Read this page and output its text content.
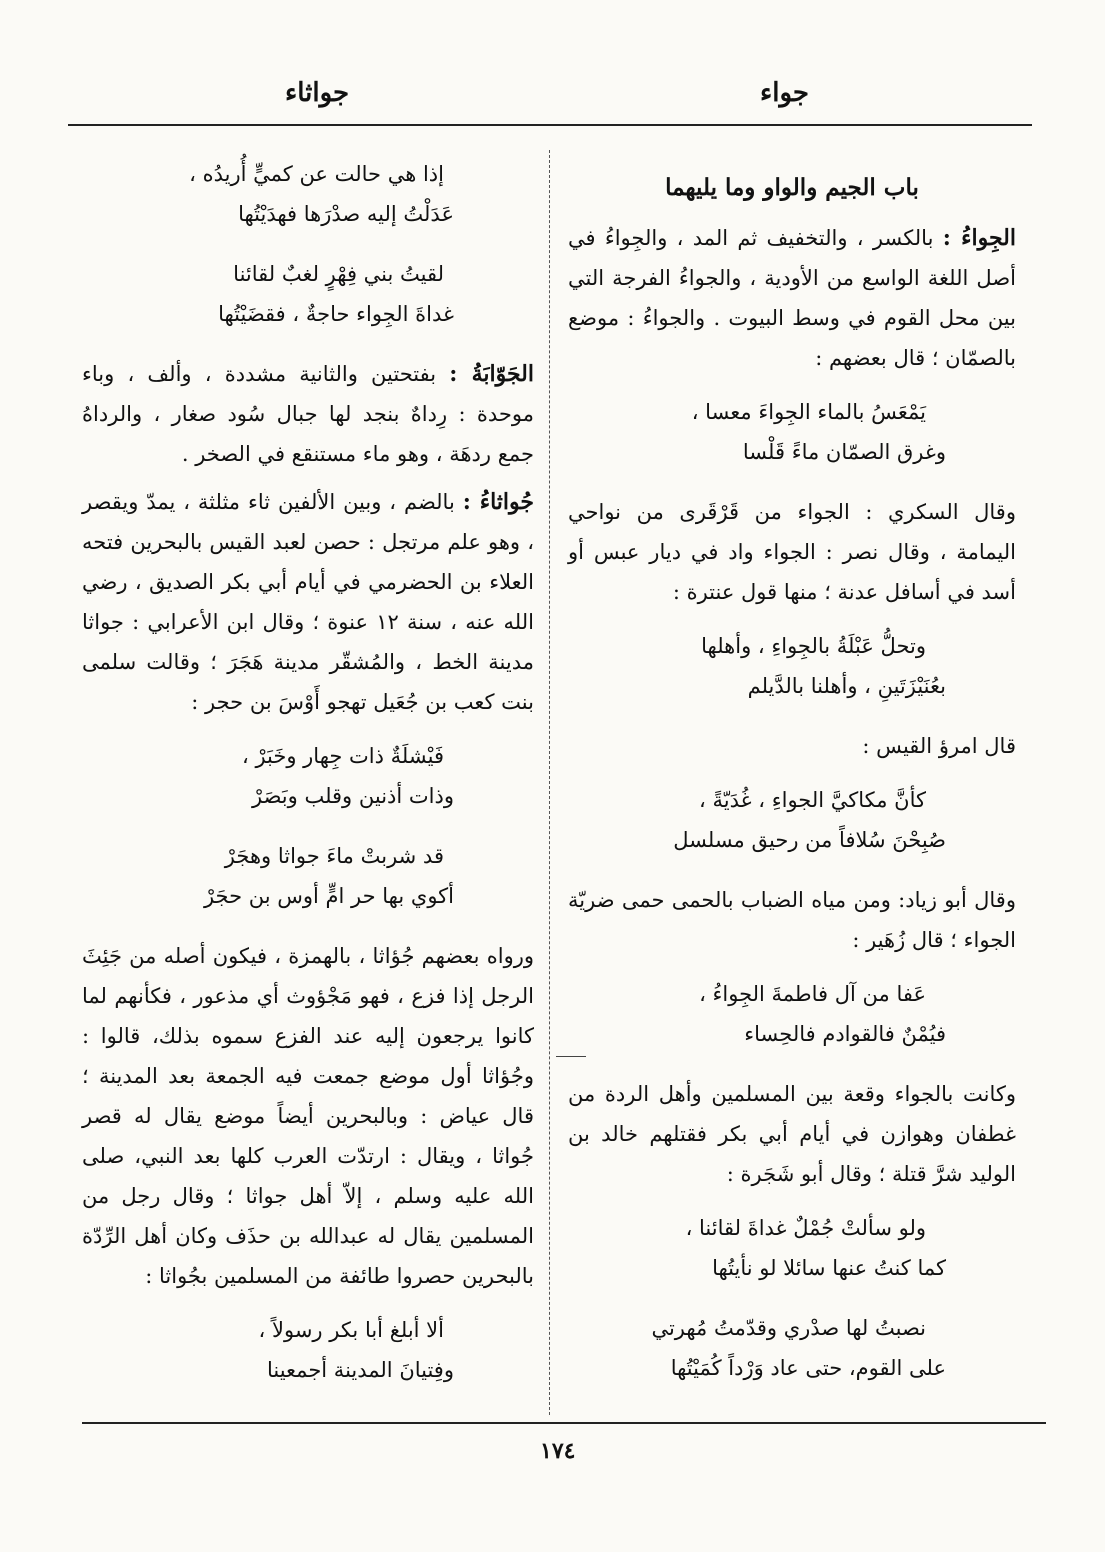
جواثاء	جواء
باب الجيم والواو وما يليهما

الجِواءُ : بالكسر ، والتخفيف ثم المد ، والجِواءُ في أصل اللغة الواسع من الأودية ، والجواءُ الفرجة التي بين محل القوم في وسط البيوت . والجواءُ : موضع بالصمّان ؛ قال بعضهم :

يَمْعَسُ بالماء الجِواءَ معسا ،
وغرق الصمّان ماءً قَلْسا

وقال السكري : الجواء من قَرْقَرى من نواحي اليمامة ، وقال نصر : الجواء واد في ديار عبس أو أسد في أسافل عدنة ؛ منها قول عنترة :

وتحلُّ عَبْلَةُ بالجِواءِ ، وأهلها
بعُنَيْزَتَينِ ، وأهلنا بالدَّيلم

قال امرؤ القيس :

كأنَّ مكاكيَّ الجواءِ ، غُدَيّةً ،
صُبِحْنَ سُلافاً من رحيق مسلسل

وقال أبو زياد: ومن مياه الضباب بالحمى حمى ضريّة الجواء ؛ قال زُهَير :

عَفا من آل فاطمةَ الجِواءُ ،
فيُمْنٌ فالقوادم فالحِساء

وكانت بالجواء وقعة بين المسلمين وأهل الردة من غطفان وهوازن في أيام أبي بكر فقتلهم خالد بن الوليد شرَّ قتلة ؛ وقال أبو شَجَرة :

ولو سألتْ جُمْلٌ غداةَ لقائنا ،
كما كنتُ عنها سائلا لو نأيتُها
نصبتُ لها صدْري وقدّمتُ مُهرتي
على القوم، حتى عاد وَرْداً كُمَيْتُها
إذا هي حالت عن كميٍّ أُريدُه ،
عَدَلْتُ إليه صدْرَها فهدَيْتُها
لقيتُ بني فِهْرٍ لغبٌ لقائنا
غداةَ الجِواء حاجةٌ ، فقضَيْتُها

الجَوّابَةُ : بفتحتين والثانية مشددة ، وألف ، وباء موحدة : رِداهٌ بنجد لها جبال سُود صغار ، والرداهُ جمع ردهَة ، وهو ماء مستنقع في الصخر .

جُواثاءُ : بالضم ، وبين الألفين ثاء مثلثة ، يمدّ ويقصر ، وهو علم مرتجل : حصن لعبد القيس بالبحرين فتحه العلاء بن الحضرمي في أيام أبي بكر الصديق ، رضي الله عنه ، سنة ١٢ عنوة ؛ وقال ابن الأعرابي : جواثا مدينة الخط ، والمُشقّر مدينة هَجَرَ ؛ وقالت سلمى بنت كعب بن جُعَيل تهجو أَوْسَ بن حجر :

فَيْشلَةٌ ذات جِهار وخَبَرْ ،
وذات أذنين وقلب وبَصَرْ
قد شربتْ ماءَ جواثا وهجَرْ
أكوي بها حر امٍّ أوس بن حجَرْ

ورواه بعضهم جُؤاثا ، بالهمزة ، فيكون أصله من جَئِثَ الرجل إذا فزع ، فهو مَجْؤوث أي مذعور ، فكأنهم لما كانوا يرجعون إليه عند الفزع سموه بذلك، قالوا : وجُؤاثا أول موضع جمعت فيه الجمعة بعد المدينة ؛ قال عياض : وبالبحرين أيضاً موضع يقال له قصر جُواثا ، ويقال : ارتدّت العرب كلها بعد النبي، صلى الله عليه وسلم ، إلاّ أهل جواثا ؛ وقال رجل من المسلمين يقال له عبدالله بن حذَف وكان أهل الرِّدّة بالبحرين حصروا طائفة من المسلمين بجُواثا :

ألا أبلغ أبا بكر رسولاً ،
وفِتيانَ المدينة أجمعينا
١٧٤
